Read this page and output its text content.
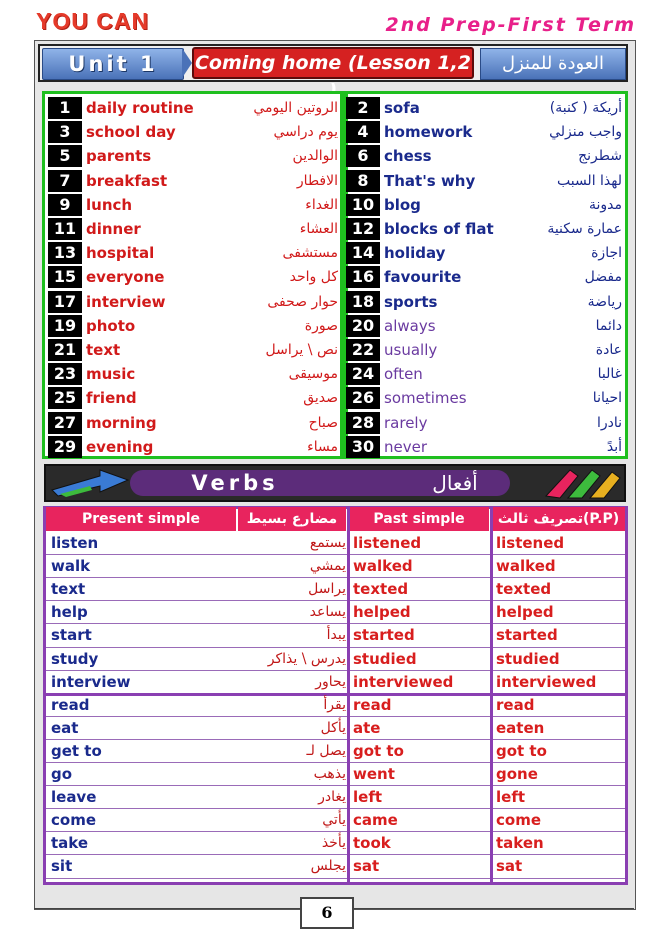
YOU CAN	2nd Prep-First Term
Unit 1	Coming home (Lesson 1,2	العودة للمنزل
1	daily routine	الروتين اليومي	2	sofa	أريكة ( كنبة)
3	school day	يوم دراسي	4	homework	واجب منزلي
5	parents	الوالدين	6	chess	شطرنج
7	breakfast	الافطار	8	That's why	لهذا السبب
9	lunch	الغداء 10 blog	مدونة
11 dinner	العشاء 12 blocks of flat	عمارة سكنية
13 hospital	مستشفى 14 holiday	اجازة
15 everyone	كل واحد 16 favourite	مفضل
17 interview	حوار صحفى 18 sports	رياضة
19 photo	صورة 20 always	دائما
21 text	نص \ يراسل 22 usually	عادة
23 music	موسيقى 24 often	غالبا
25 friend	صديق 26 sometimes	احيانا
27 morning	صباح 28 rarely	نادرا
29 evening	مساء 30 never	أبدً
Verbs	أفعال
Present simple	مضارع بسيط	Past simple	تصريف ثالث(P.P)
listen	يستمع listened	listened
walk	يمشي walked	walked
text	يراسل texted	texted
help	يساعد helped	helped
start	يبدأ started	started
study	يدرس \ يذاكر studied	studied
interview	يحاور interviewed	interviewed
read	يقرأ read	read
eat	يأكل ate	eaten
get to	يصل لـ got to	got to
go	يذهب went	gone
leave	يغادر left	left
come	يأتي came	come
take	يأخذ took	taken
sit	يجلس sat	sat
6
